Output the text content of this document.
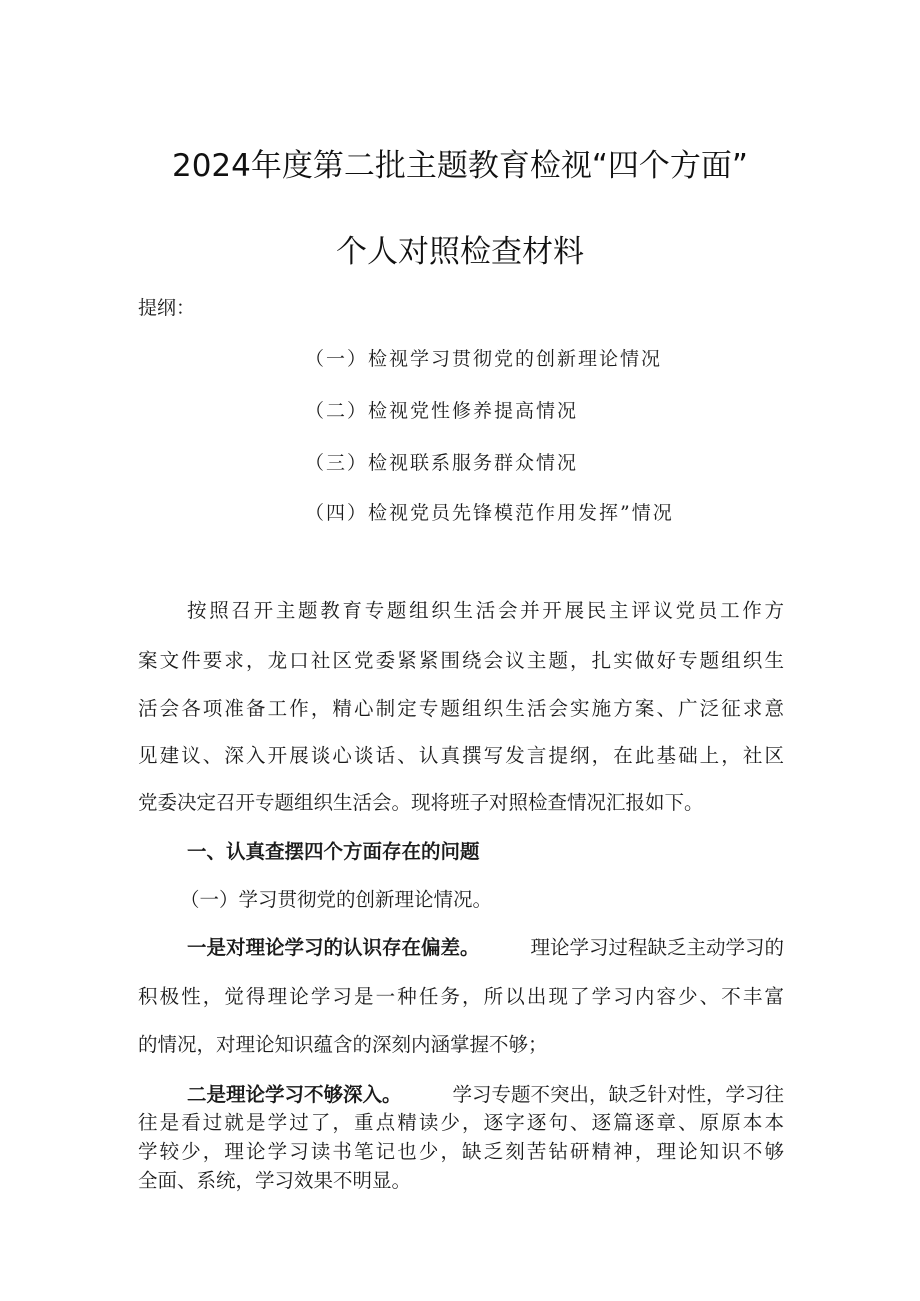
2024年度第二批主题教育检视“四个方面”
个人对照检查材料
提纲：
（一）检视学习贯彻党的创新理论情况
（二）检视党性修养提高情况
（三）检视联系服务群众情况
（四）检视党员先锋模范作用发挥”情况
按照召开主题教育专题组织生活会并开展民主评议党员工作方
案文件要求，龙口社区党委紧紧围绕会议主题，扎实做好专题组织生
活会各项准备工作，精心制定专题组织生活会实施方案、广泛征求意
见建议、深入开展谈心谈话、认真撰写发言提纲，在此基础上，社区
党委决定召开专题组织生活会。现将班子对照检查情况汇报如下。
一、认真查摆四个方面存在的问题
（一）学习贯彻党的创新理论情况。
一是对理论学习的认识存在偏差。	理论学习过程缺乏主动学习的
积极性，觉得理论学习是一种任务，所以出现了学习内容少、不丰富
的情况，对理论知识蕴含的深刻内涵掌握不够；
二是理论学习不够深入。	学习专题不突出，缺乏针对性，学习往
往是看过就是学过了，重点精读少，逐字逐句、逐篇逐章、原原本本
学较少，理论学习读书笔记也少，缺乏刻苦钻研精神，理论知识不够
全面、系统，学习效果不明显。
